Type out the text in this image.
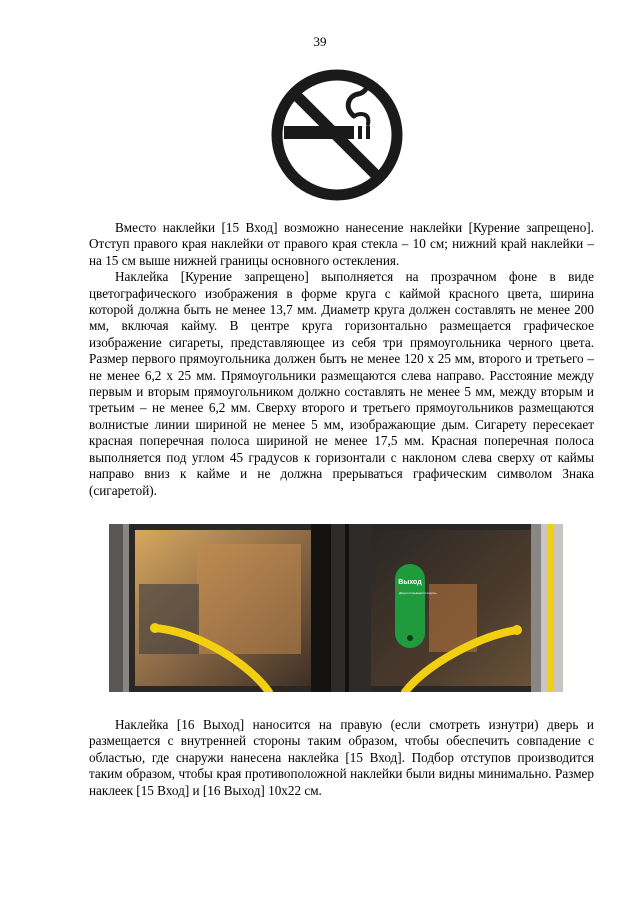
39

Вместо наклейки [15 Вход] возможно нанесение наклейки [Курение запрещено]. Отступ правого края наклейки от правого края стекла – 10 см; нижний край наклейки – на 15 см выше нижней границы основного остекления.

Наклейка [Курение запрещено] выполняется на прозрачном фоне в виде цветографического изображения в форме круга с каймой красного цвета, ширина которой должна быть не менее 13,7 мм. Диаметр круга должен составлять не менее 200 мм, включая кайму. В центре круга горизонтально размещается графическое изображение сигареты, представляющее из себя три прямоугольника черного цвета. Размер первого прямоугольника должен быть не менее 120 х 25 мм, второго и третьего – не менее 6,2 х 25 мм. Прямоугольники размещаются слева направо. Расстояние между первым и вторым прямоугольником должно составлять не менее 5 мм, между вторым и третьим – не менее 6,2 мм. Сверху второго и третьего прямоугольников размещаются волнистые линии шириной не менее 5 мм, изображающие дым. Сигарету пересекает красная поперечная полоса шириной не менее 17,5 мм. Красная поперечная полоса выполняется под углом 45 градусов к горизонтали с наклоном слева сверху от каймы направо вниз к кайме и не должна прерываться графическим символом Знака (сигаретой).

Выход
Двери открываются внутрь

Наклейка [16 Выход] наносится на правую (если смотреть изнутри) дверь и размещается с внутренней стороны таким образом, чтобы обеспечить совпадение с областью, где снаружи нанесена наклейка [15 Вход]. Подбор отступов производится таким образом, чтобы края противоположной наклейки были видны минимально. Размер наклеек [15 Вход] и [16 Выход] 10x22 см.
